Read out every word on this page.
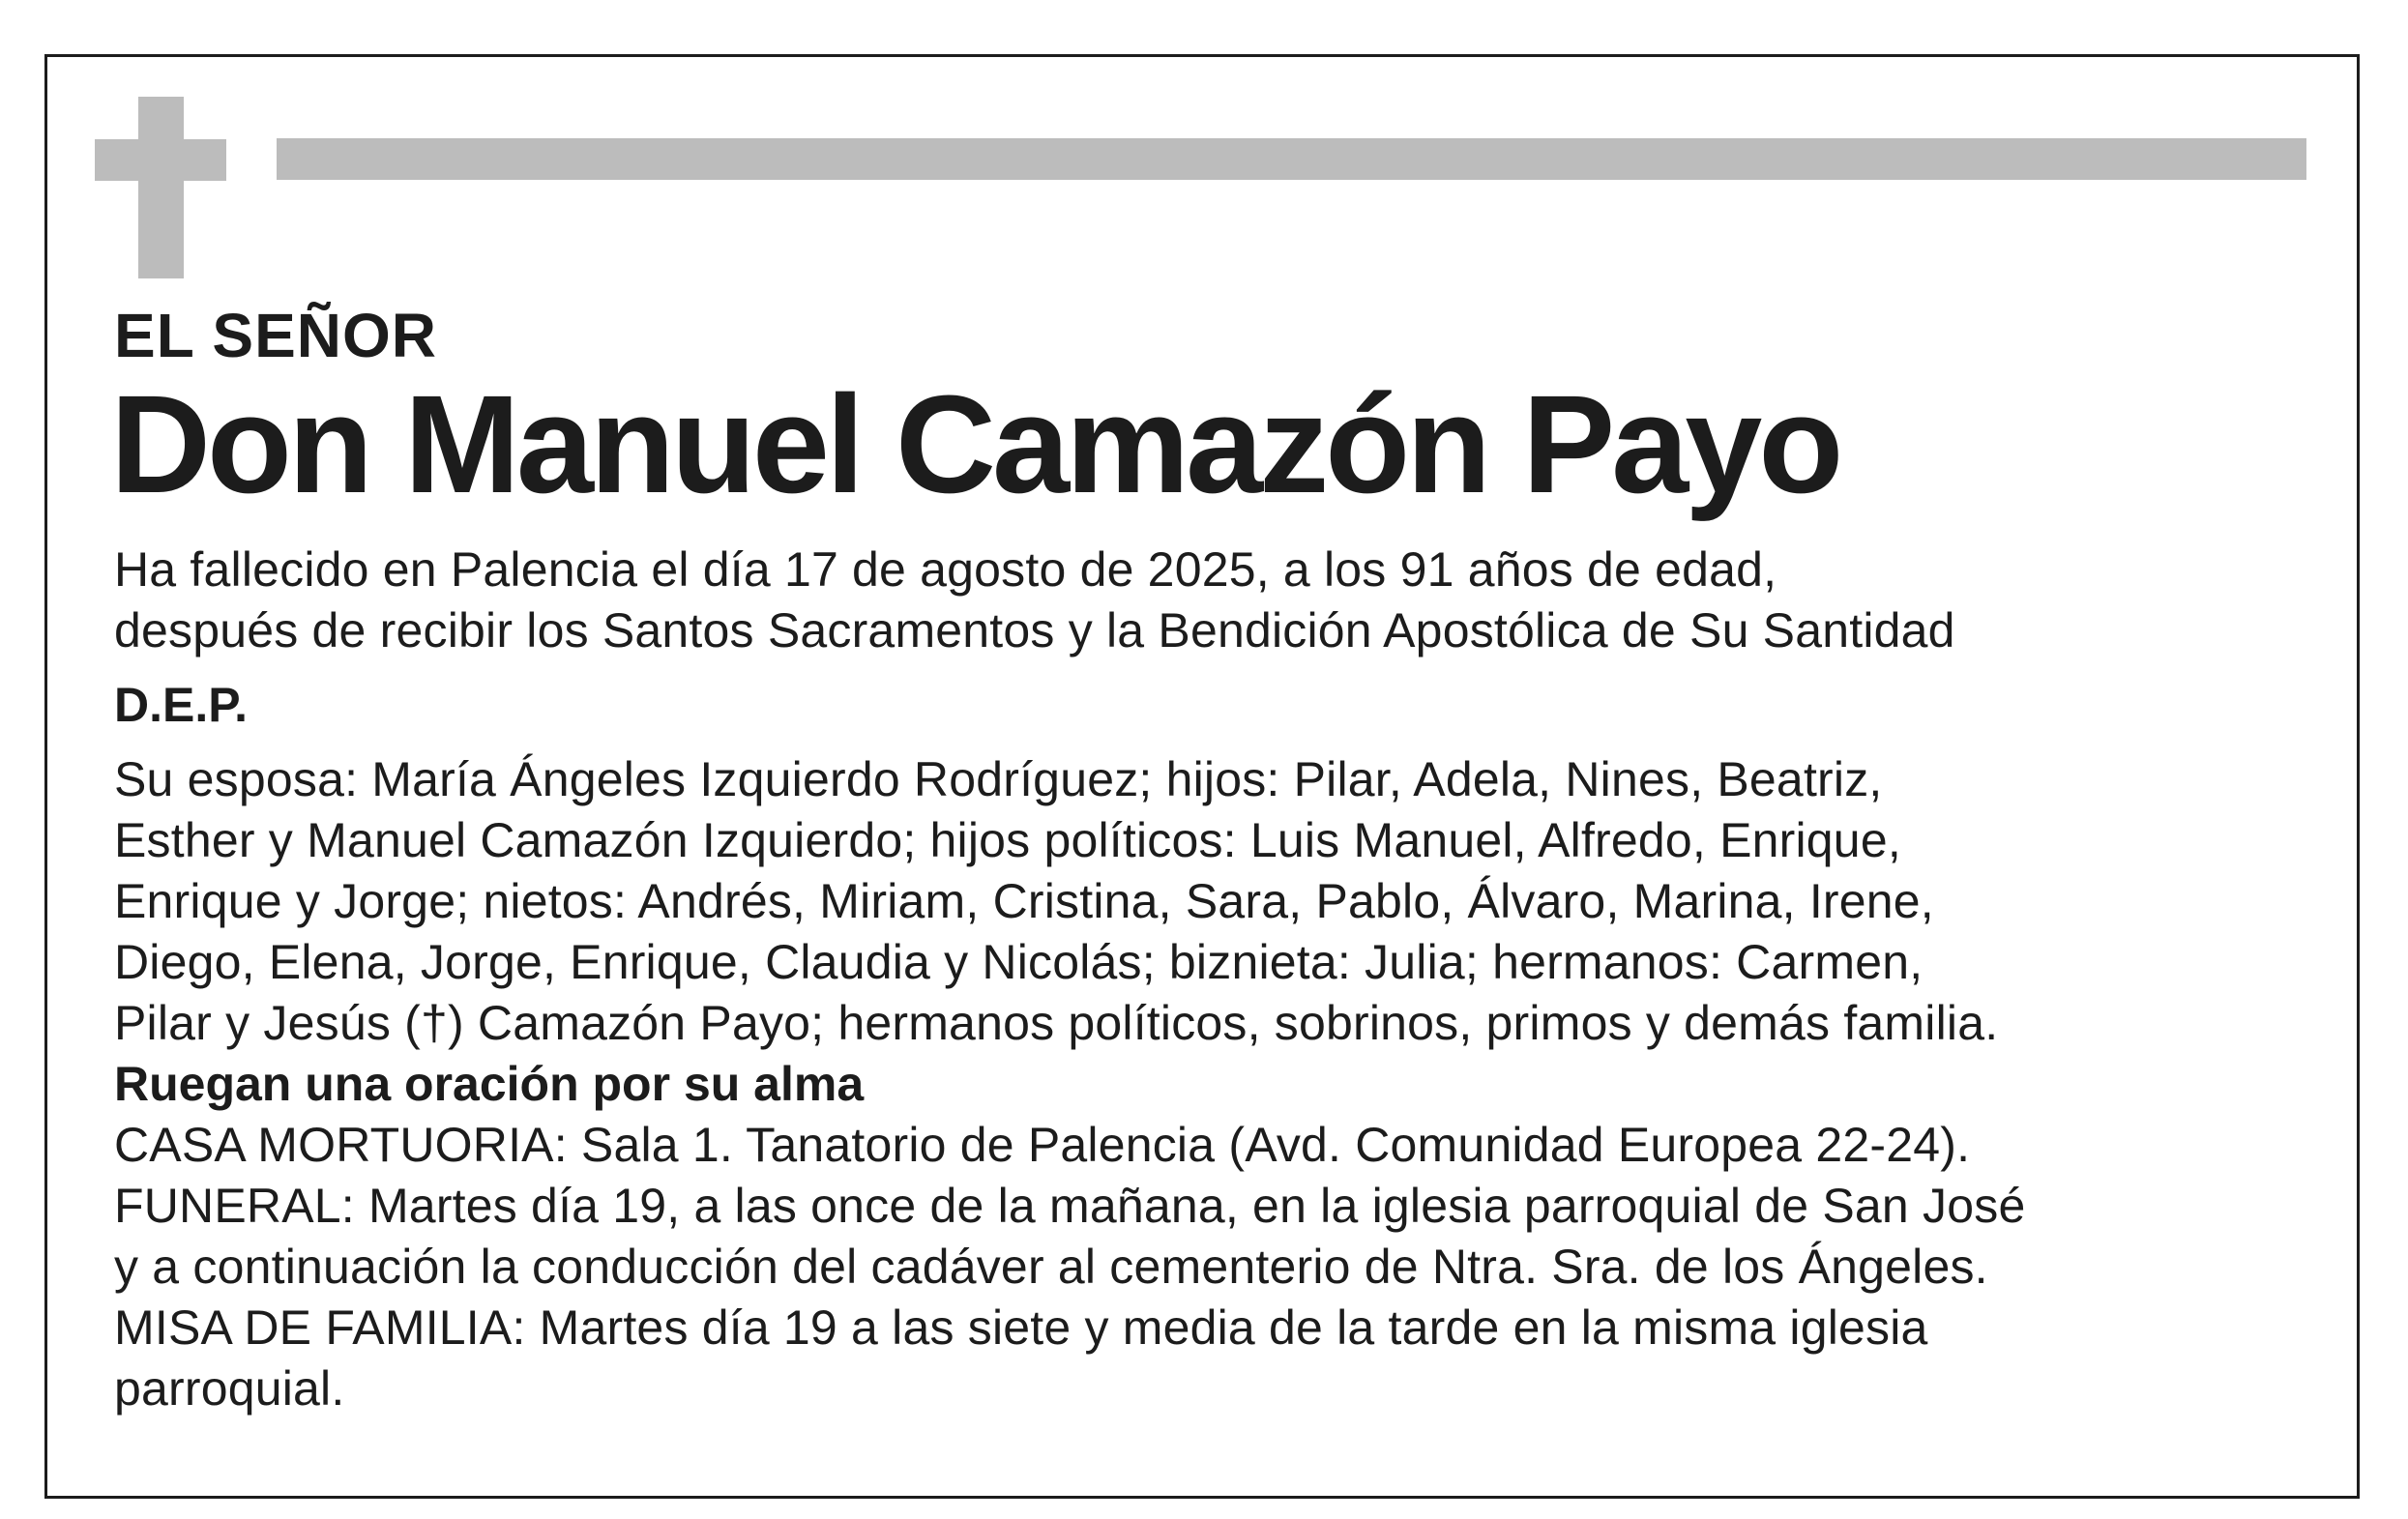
EL SEÑOR

Don Manuel Camazón Payo

Ha fallecido en Palencia el día 17 de agosto de 2025, a los 91 años de edad,
después de recibir los Santos Sacramentos y la Bendición Apostólica de Su Santidad

D.E.P.

Su esposa: María Ángeles Izquierdo Rodríguez; hijos: Pilar, Adela, Nines, Beatriz,
Esther y Manuel Camazón Izquierdo; hijos políticos: Luis Manuel, Alfredo, Enrique,
Enrique y Jorge; nietos: Andrés, Miriam, Cristina, Sara, Pablo, Álvaro, Marina, Irene,
Diego, Elena, Jorge, Enrique, Claudia y Nicolás; biznieta: Julia; hermanos: Carmen,
Pilar y Jesús (†) Camazón Payo; hermanos políticos, sobrinos, primos y demás familia.

Ruegan una oración por su alma

CASA MORTUORIA: Sala 1. Tanatorio de Palencia (Avd. Comunidad Europea 22-24).
FUNERAL: Martes día 19, a las once de la mañana, en la iglesia parroquial de San José
y a continuación la conducción del cadáver al cementerio de Ntra. Sra. de los Ángeles.
MISA DE FAMILIA: Martes día 19 a las siete y media de la tarde en la misma iglesia
parroquial.
